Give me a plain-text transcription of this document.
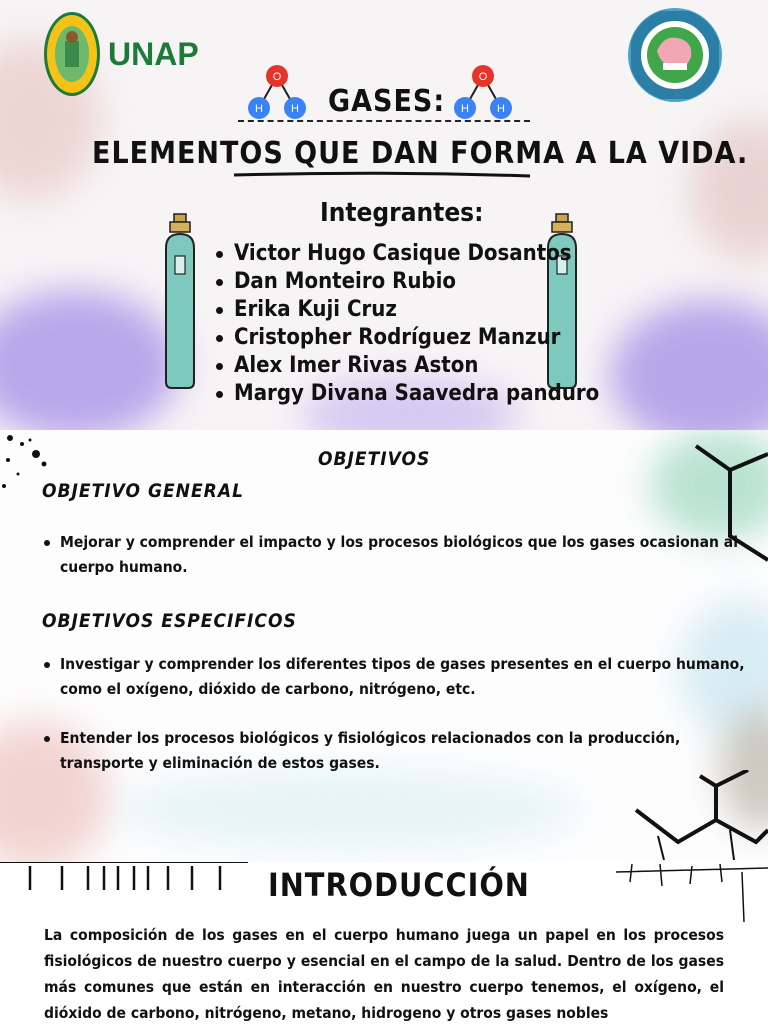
UNAP
O
H	H
O
H	H
GASES:
ELEMENTOS QUE DAN FORMA A LA VIDA.
Integrantes:
Victor Hugo Casique Dosantos
Dan Monteiro Rubio
Erika Kuji Cruz
Cristopher Rodríguez Manzur
Alex Imer Rivas Aston
Margy Divana Saavedra panduro
OBJETIVOS
OBJETIVO GENERAL
Mejorar y comprender el impacto y los procesos biológicos que los gases ocasionan al cuerpo humano.
OBJETIVOS ESPECIFICOS
Investigar y comprender los diferentes tipos de gases presentes en el cuerpo humano, como el oxígeno, dióxido de carbono, nitrógeno, etc.
Entender los procesos biológicos y fisiológicos relacionados con la producción, transporte y eliminación de estos gases.
INTRODUCCIÓN
La composición de los gases en el cuerpo humano juega un papel en los procesos fisiológicos de nuestro cuerpo y esencial en el campo de la salud. Dentro de los gases más comunes que están en interacción en nuestro cuerpo tenemos, el oxígeno, el dióxido de carbono, nitrógeno, metano, hidrogeno y otros gases nobles
